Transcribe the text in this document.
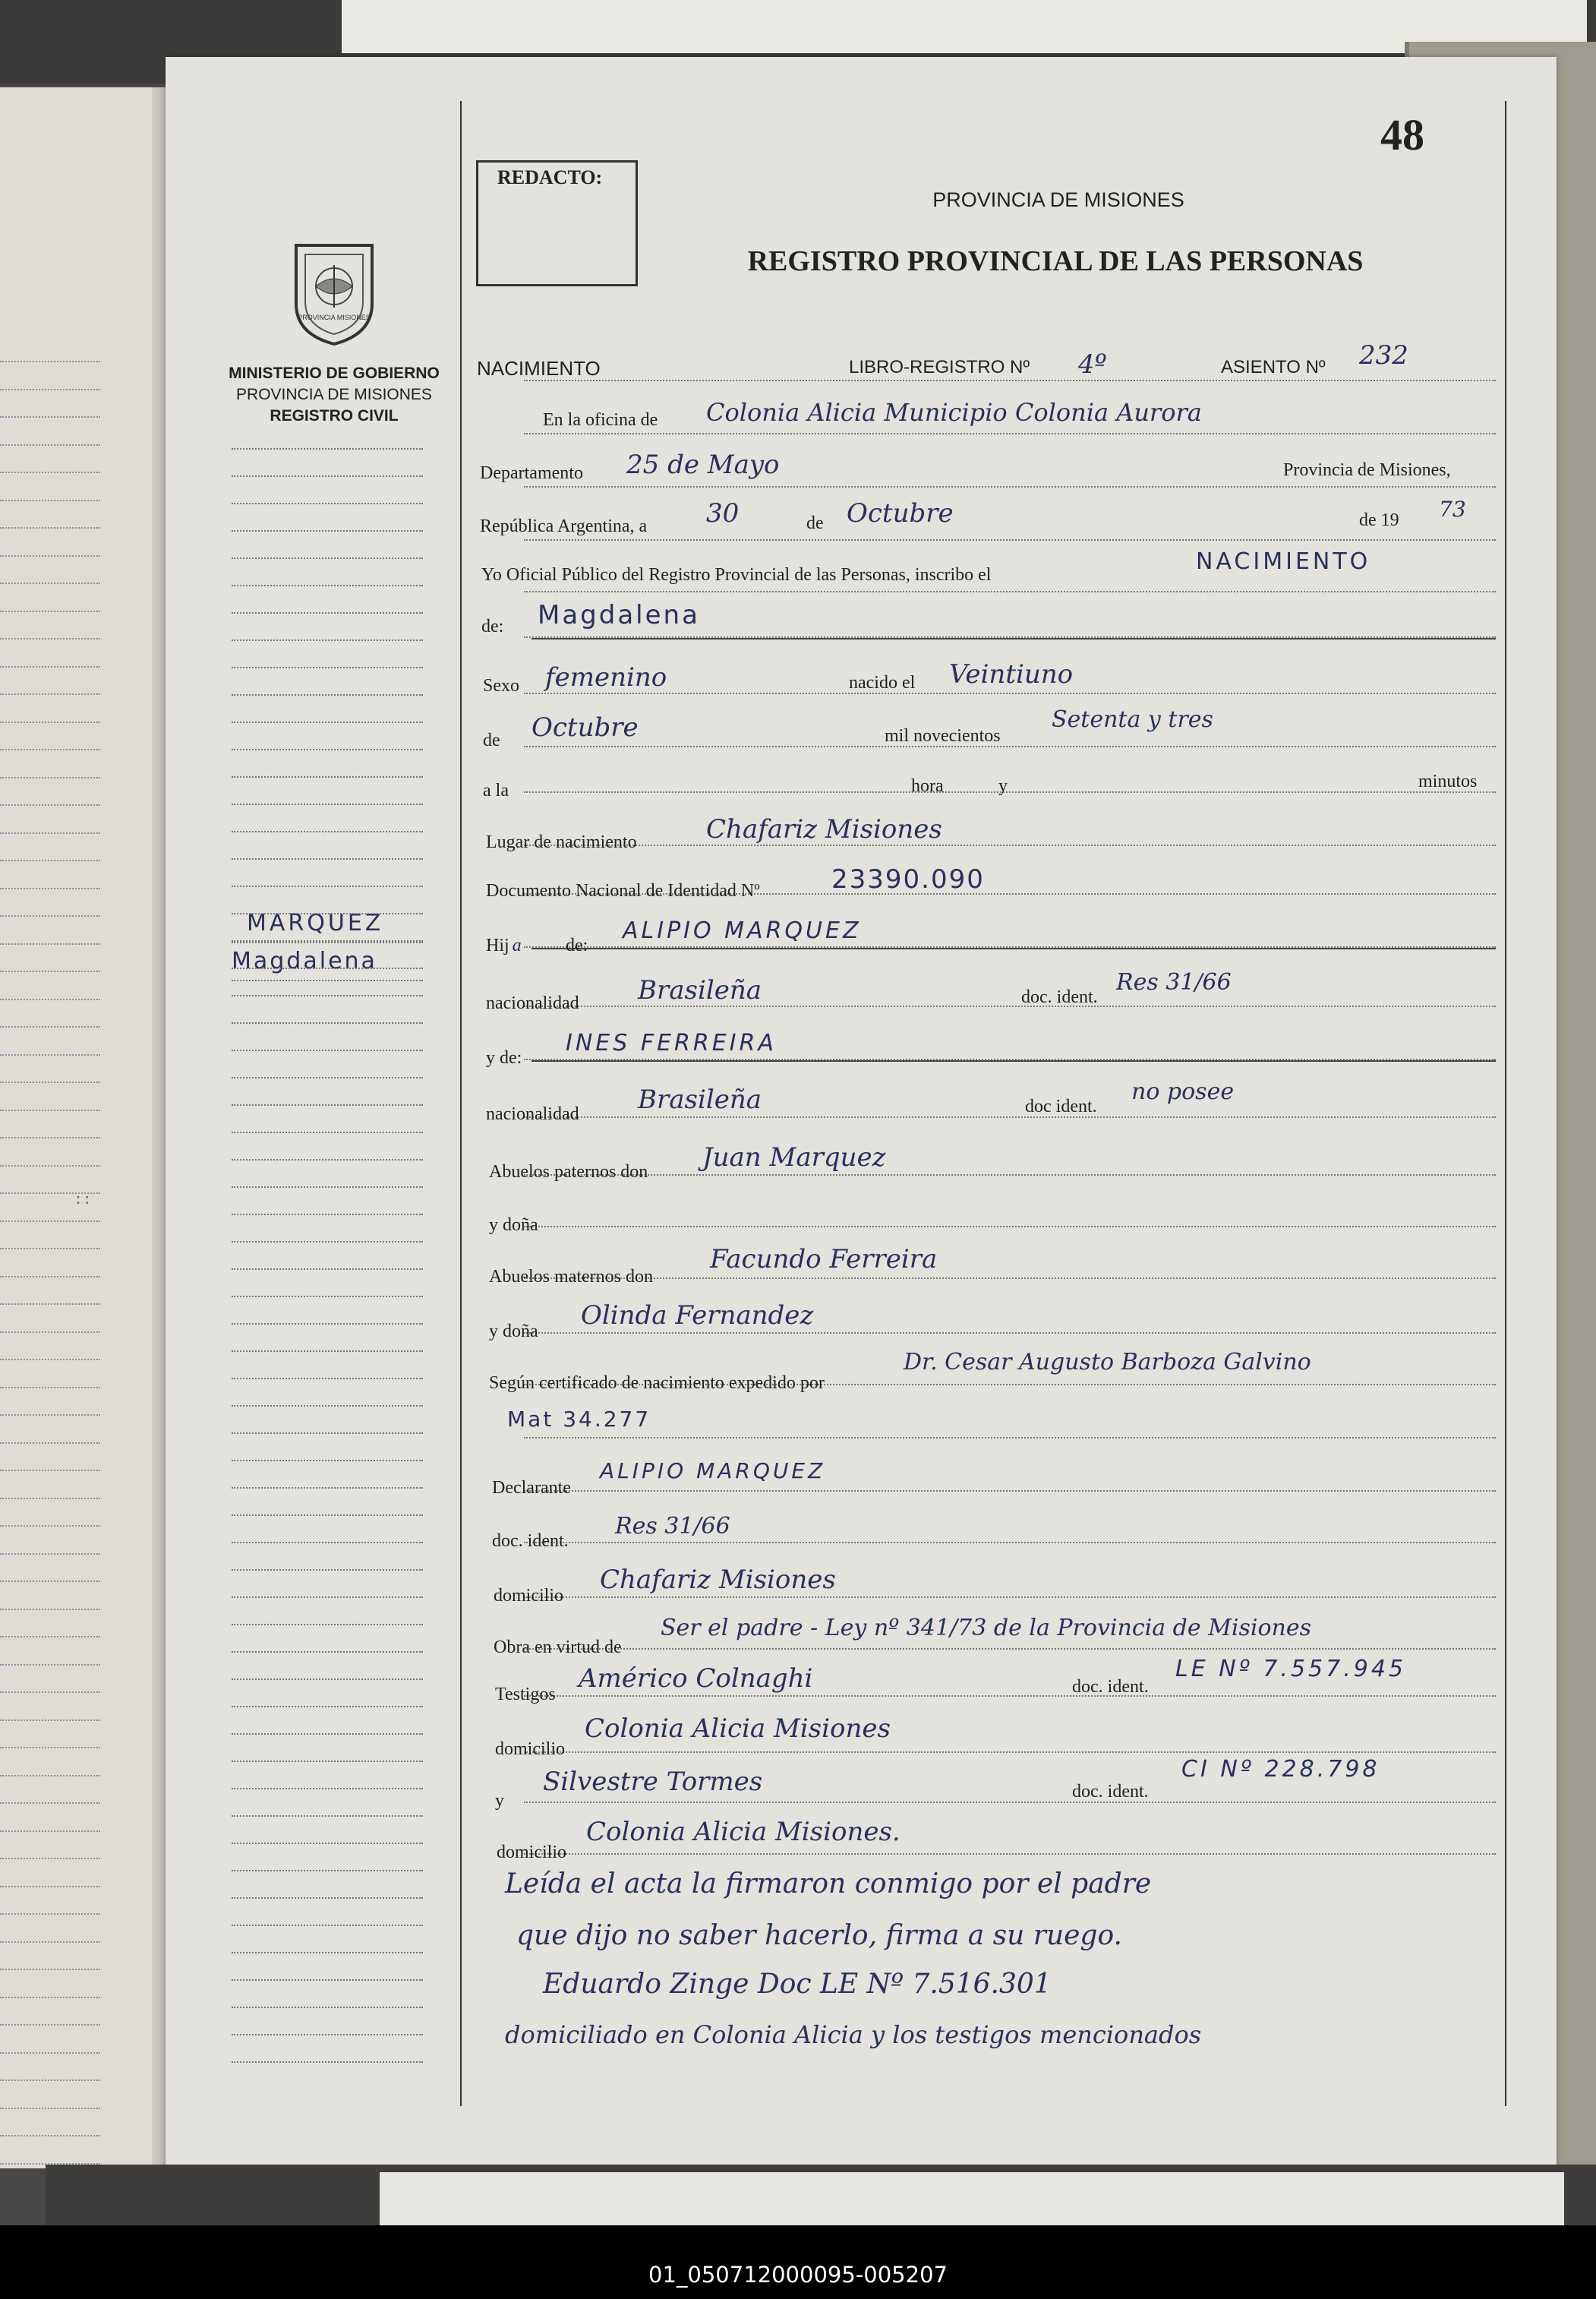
: :
48
REDACTO:
PROVINCIA DE MISIONES
REGISTRO PROVINCIAL DE LAS PERSONAS
PROVINCIA MISIONES
MINISTERIO DE GOBIERNO
PROVINCIA DE MISIONES
REGISTRO CIVIL
MARQUEZ
Magdalena
NACIMIENTO	LIBRO-REGISTRO Nº 4º	ASIENTO Nº 232
En la oficina de Colonia Alicia Municipio Colonia Aurora
Departamento 25 de Mayo	Provincia de Misiones,
República Argentina, a 30	de Octubre	de 19 73
Yo Oficial Público del Registro Provincial de las Personas, inscribo el	NACIMIENTO
de: Magdalena
Sexo femenino	nacido el Veintiuno
de Octubre	mil novecientos
Setenta y tres
a la	hora	y	minutos
Lugar de nacimiento	Chafariz Misiones
Documento Nacional de Identidad Nº	23390.090
Hij a de:
ALIPIO MARQUEZ
nacionalidad Brasileña	doc. ident.
Res 31/66
y de:
INES FERREIRA
nacionalidad Brasileña	doc ident.
no posee
Abuelos paternos don Juan Marquez
y doña
Abuelos maternos don
Facundo Ferreira
y doña
Olinda Fernandez
Según certificado de nacimiento expedido por
Dr. Cesar Augusto Barboza Galvino
Mat 34.277
Declarante
ALIPIO MARQUEZ
doc. ident.
Res 31/66
domicilio
Chafariz Misiones
Obra en virtud de
Ser el padre - Ley nº 341/73 de la Provincia de Misiones
Testigos
Américo Colnaghi	doc. ident.
LE Nº 7.557.945
domicilio
Colonia Alicia Misiones
y
Silvestre Tormes	doc. ident.
CI Nº 228.798
domicilio
Colonia Alicia Misiones.
Leída el acta la firmaron conmigo por el padre
que dijo no saber hacerlo, firma a su ruego.
Eduardo Zinge Doc LE Nº 7.516.301
domiciliado en Colonia Alicia y los testigos mencionados
01_050712000095-005207
